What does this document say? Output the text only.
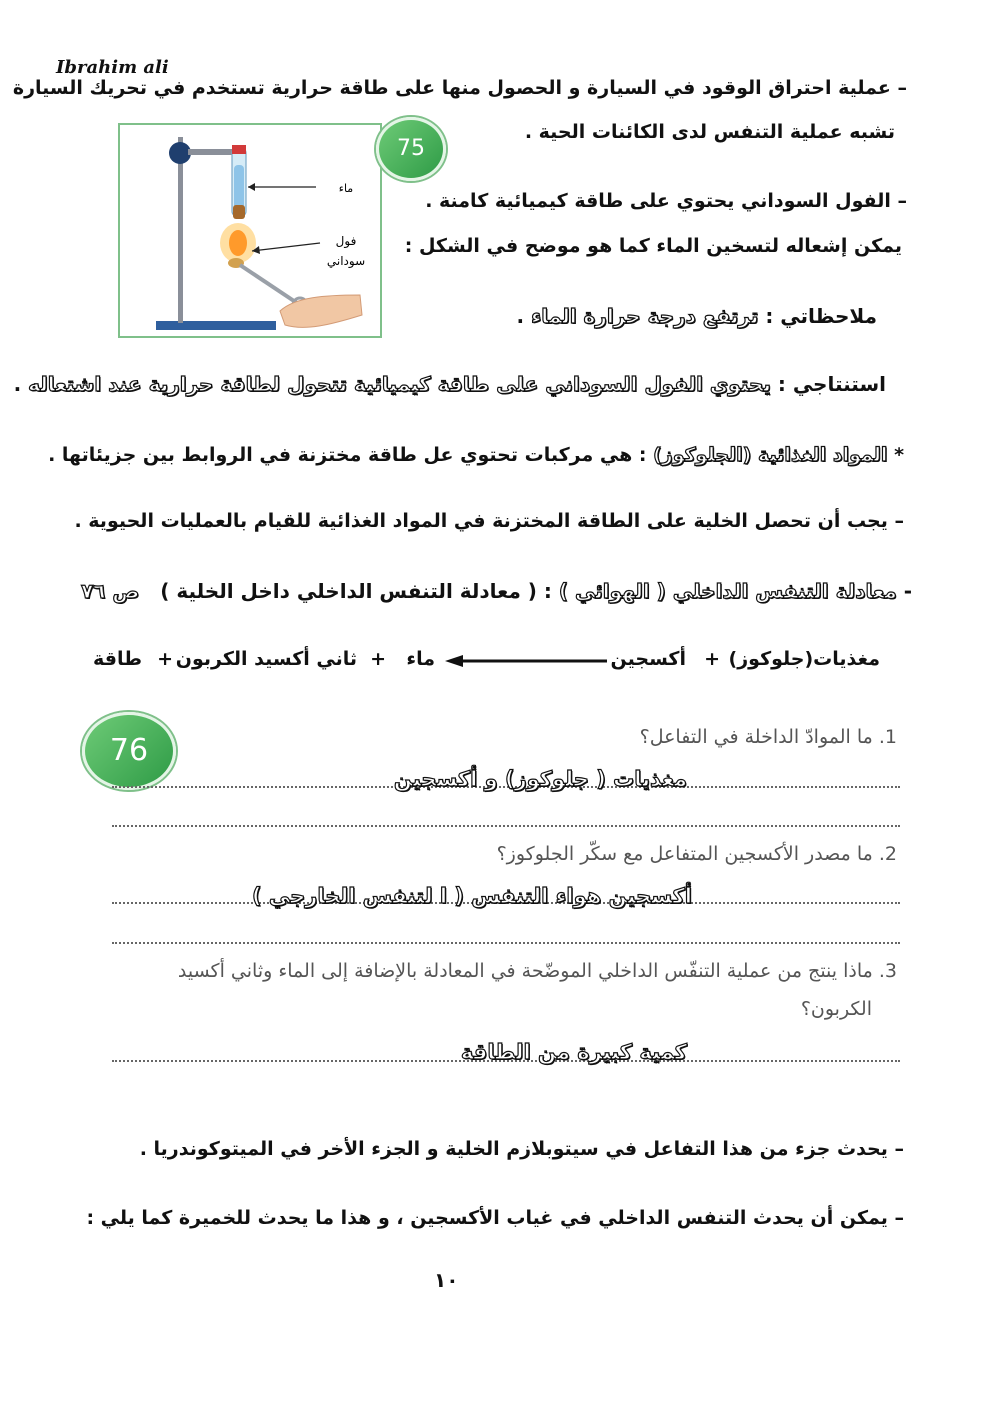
Ibrahim ali
– عملية احتراق الوقود في السيارة و الحصول منها على طاقة حرارية تستخدم في تحريك السيارة
تشبه عملية التنفس لدى الكائنات الحية .
– الفول السوداني يحتوي على طاقة كيميائية كامنة .
يمكن إشعاله لتسخين الماء كما هو موضح في الشكل :
ملاحظاتي : ترتفع درجة حرارة الماء .
استنتاجي : يحتوي الفول السوداني على طاقة كيميائية تتحول لطاقة حرارية عند اشتعاله .
ماء
فول
سوداني
75
* المواد الغذائية (الجلوكوز) : هي مركبات تحتوي عل طاقة مختزنة في الروابط بين جزيئاتها .
– يجب أن تحصل الخلية على الطاقة المختزنة في المواد الغذائية للقيام بالعمليات الحيوية .
- معادلة التنفس الداخلي ( الهوائي ) : ( معادلة التنفس الداخلي داخل الخلية ) ص ٧٦
مغذيات(جلوكوز)
+
أكسجين
ماء
+
ثاني أكسيد الكربون
+
طاقة
76	1. ما الموادّ الداخلة في التفاعل؟
مغذيات ( جلوكوز) و أكسجين
2. ما مصدر الأكسجين المتفاعل مع سكّر الجلوكوز؟
أكسجين هواء التنفس ( ا لتنفس الخارجي )
3. ماذا ينتج من عملية التنفّس الداخلي الموضّحة في المعادلة بالإضافة إلى الماء وثاني أكسيد
الكربون؟
كمية كبيرة من الطاقة
– يحدث جزء من هذا التفاعل في سيتوبلازم الخلية و الجزء الأخر في الميتوكوندريا .
– يمكن أن يحدث التنفس الداخلي في غياب الأكسجين ، و هذا ما يحدث للخميرة كما يلي :
١٠
